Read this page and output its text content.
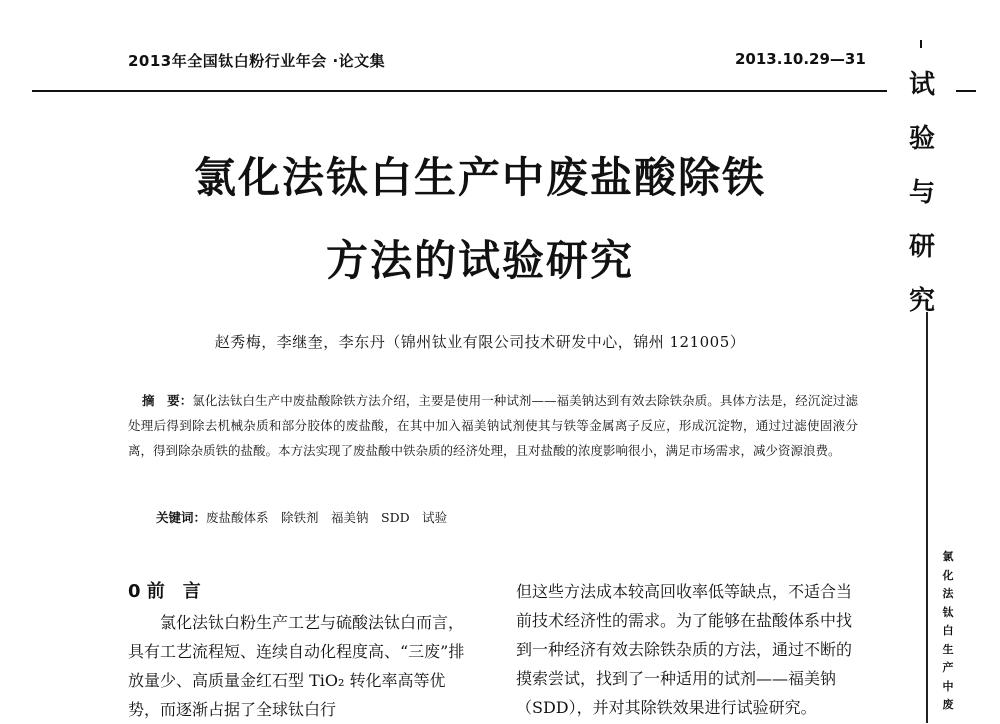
2013年全国钛白粉行业年会 ·论文集	2013.10.29—31
试
验
与
研
究
氯
化
法
钛
白
生
产
中
废
氯化法钛白生产中废盐酸除铁
方法的试验研究
赵秀梅，李继奎，李东丹（锦州钛业有限公司技术研发中心，锦州 121005）
摘　要：氯化法钛白生产中废盐酸除铁方法介绍，主要是使用一种试剂——福美钠达到有效去除铁杂质。具体方法是，经沉淀过滤处理后得到除去机械杂质和部分胶体的废盐酸，在其中加入福美钠试剂使其与铁等金属离子反应，形成沉淀物，通过过滤使固液分离，得到除杂质铁的盐酸。本方法实现了废盐酸中铁杂质的经济处理，且对盐酸的浓度影响很小，满足市场需求，减少资源浪费。
关键词：废盐酸体系　除铁剂　福美钠　SDD　试验
0 前　言

氯化法钛白粉生产工艺与硫酸法钛白而言，具有工艺流程短、连续自动化程度高、“三废”排放量少、高质量金红石型 TiO₂ 转化率高等优势，而逐渐占据了全球钛白行

但这些方法成本较高回收率低等缺点，不适合当前技术经济性的需求。为了能够在盐酸体系中找到一种经济有效去除铁杂质的方法，通过不断的摸索尝试，找到了一种适用的试剂——福美钠（SDD），并对其除铁效果进行试验研究。
